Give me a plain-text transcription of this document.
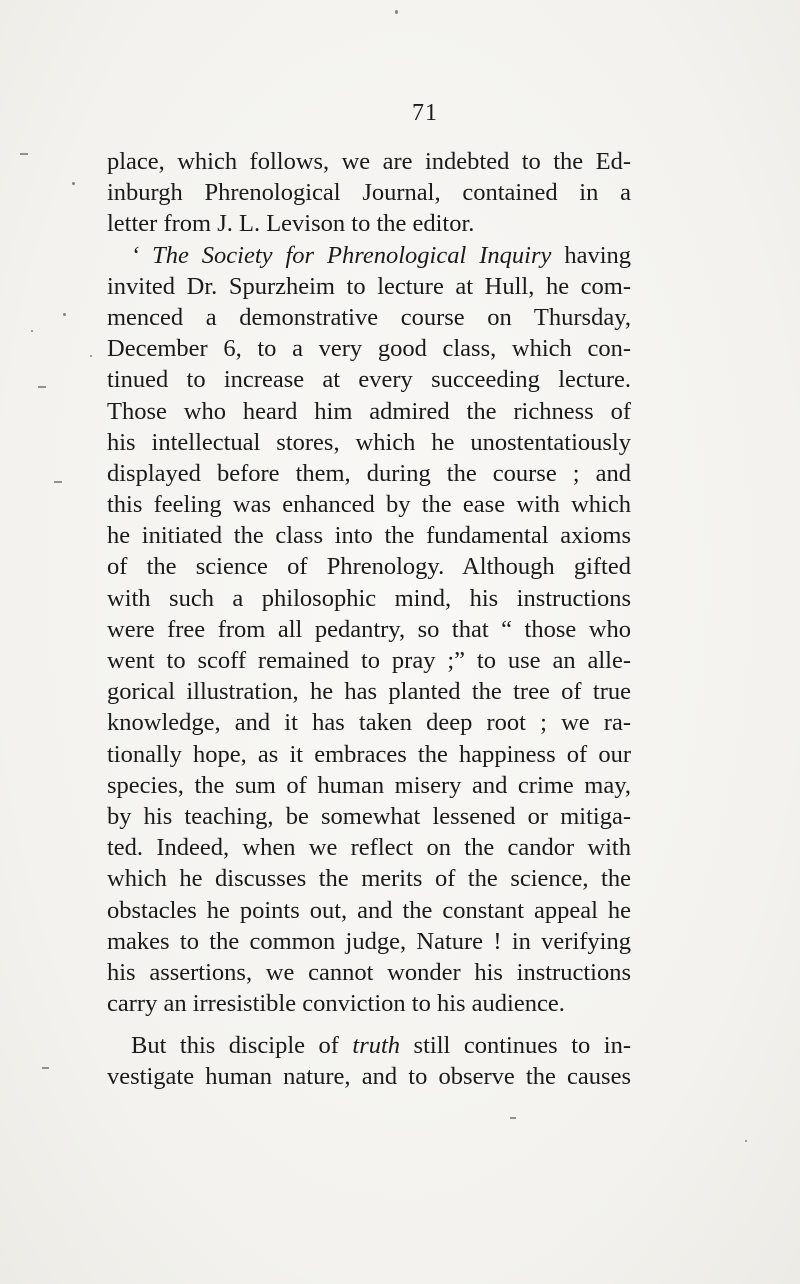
71
place, which follows, we are indebted to the Ed-
inburgh Phrenological Journal, contained in a
letter from J. L. Levison to the editor.
‘ The Society for Phrenological Inquiry having
invited Dr. Spurzheim to lecture at Hull, he com-
menced a demonstrative course on Thursday,
December 6, to a very good class, which con-
tinued to increase at every succeeding lecture.
Those who heard him admired the richness of
his intellectual stores, which he unostentatiously
displayed before them, during the course ; and
this feeling was enhanced by the ease with which
he initiated the class into the fundamental axioms
of the science of Phrenology. Although gifted
with such a philosophic mind, his instructions
were free from all pedantry, so that “ those who
went to scoff remained to pray ;” to use an alle-
gorical illustration, he has planted the tree of true
knowledge, and it has taken deep root ; we ra-
tionally hope, as it embraces the happiness of our
species, the sum of human misery and crime may,
by his teaching, be somewhat lessened or mitiga-
ted. Indeed, when we reflect on the candor with
which he discusses the merits of the science, the
obstacles he points out, and the constant appeal he
makes to the common judge, Nature ! in verifying
his assertions, we cannot wonder his instructions
carry an irresistible conviction to his audience.
But this disciple of truth still continues to in-
vestigate human nature, and to observe the causes
